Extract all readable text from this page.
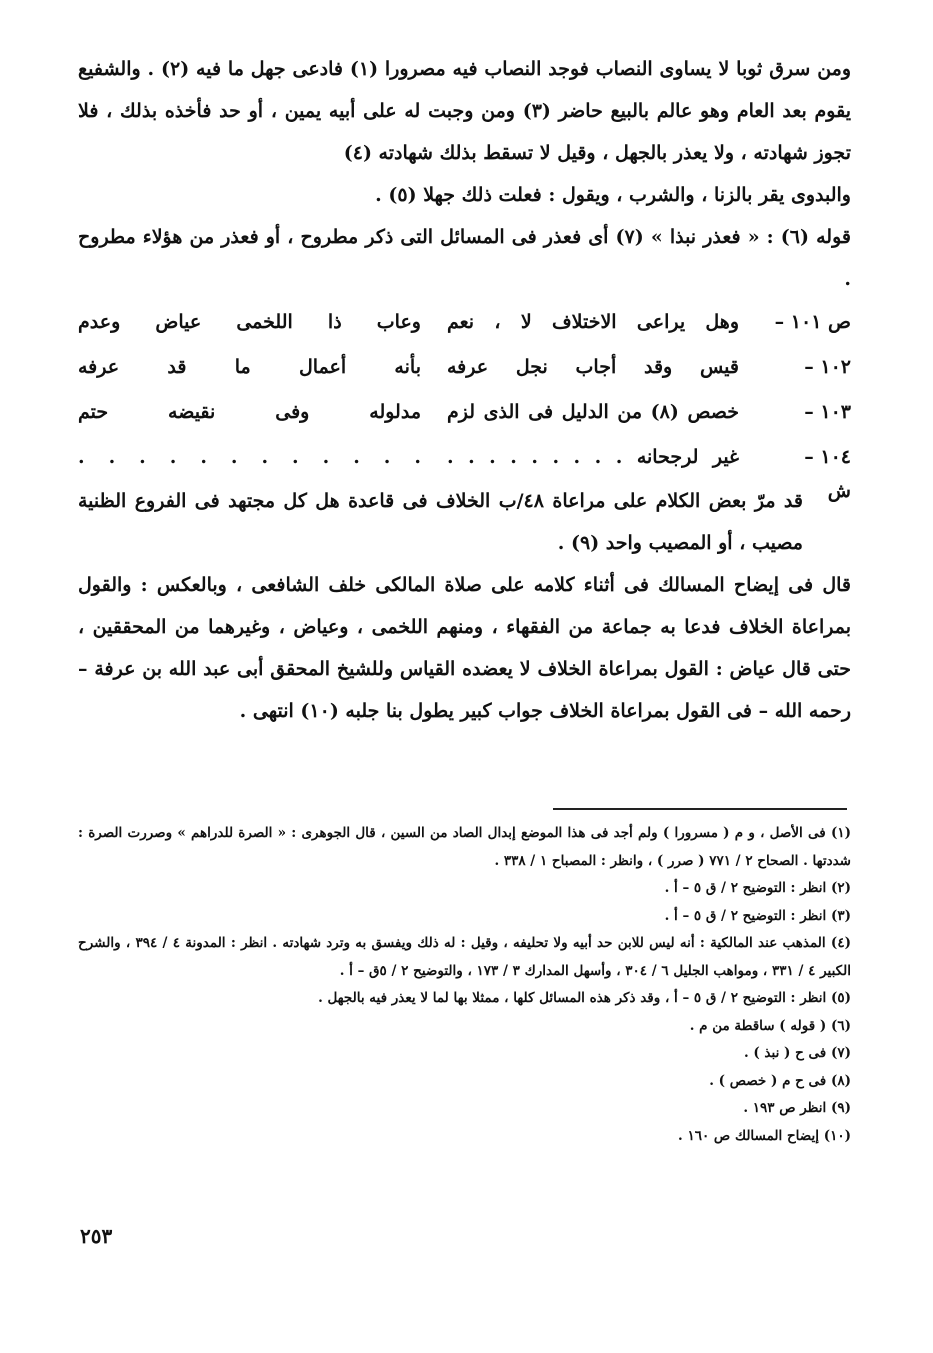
ومن سرق ثوبا لا يساوى النصاب فوجد النصاب فيه مصرورا (١) فادعى جهل ما فيه (٢) . والشفيع يقوم بعد العام وهو عالم بالبيع حاضر (٣) ومن وجبت له على أبيه يمين ، أو حد فأخذه بذلك ، فلا تجوز شهادته ، ولا يعذر بالجهل ، وقيل لا تسقط بذلك شهادته (٤)

والبدوى يقر بالزنا ، والشرب ، ويقول : فعلت ذلك جهلا (٥) .

قوله (٦) : « فعذر نبذا » (٧) أى فعذر فى المسائل التى ذكر مطروح ، أو فعذر من هؤلاء مطروح .

ص ١٠١ –
وهل يراعى الاختلاف لا ، نعم
وعاب ذا اللخمى عياض وعدم
١٠٢ –
قيس وقد أجاب نجل عرفه
بأنه أعمال ما قد عرفه
١٠٣ –
خصص (٨) من الدليل فى الذى لزم
مدلوله وفى نقيضه حتم
١٠٤ –
غير لرجحانه . . . . . . . . .
. . . . . . . . . . . .
ش

قد مرّ بعض الكلام على مراعاة ٤٨/ب الخلاف فى قاعدة هل كل مجتهد فى الفروع الظنية مصيب ، أو المصيب واحد (٩) .

قال فى إيضاح المسالك فى أثناء كلامه على صلاة المالكى خلف الشافعى ، وبالعكس : والقول بمراعاة الخلاف فدعا به جماعة من الفقهاء ، ومنهم اللخمى ، وعياض ، وغيرهما من المحققين ، حتى قال عياض : القول بمراعاة الخلاف لا يعضده القياس وللشيخ المحقق أبى عبد الله بن عرفة – رحمه الله – فى القول بمراعاة الخلاف جواب كبير يطول بنا جلبه (١٠) انتهى .

(١) فى الأصل ، و م ( مسرورا ) ولم أجد فى هذا الموضع إبدال الصاد من السين ، قال الجوهرى : « الصرة للدراهم » وصررت الصرة : شددتها . الصحاح ٢ / ٧٧١ ( صرر ) ، وانظر : المصباح ١ / ٣٣٨ .

(٢) انظر : التوضيح ٢ / ق ٥ – أ .

(٣) انظر : التوضيح ٢ / ق ٥ – أ .

(٤) المذهب عند المالكية : أنه ليس للابن حد أبيه ولا تحليفه ، وقيل : له ذلك ويفسق به وترد شهادته . انظر : المدونة ٤ / ٣٩٤ ، والشرح الكبير ٤ / ٣٣١ ، ومواهب الجليل ٦ / ٣٠٤ ، وأسهل المدارك ٣ / ١٧٣ ، والتوضيح ٢ / ٥ق – أ .

(٥) انظر : التوضيح ٢ / ق ٥ – أ ، وقد ذكر هذه المسائل كلها ، ممثلا بها لما لا يعذر فيه بالجهل .

(٦) ( قوله ) ساقطة من م .

(٧) فى ح ( نبذ ) .

(٨) فى ح م ( خصص ) .

(٩) انظر ص ١٩٣ .

(١٠) إيضاح المسالك ص ١٦٠ .

٢٥٣
